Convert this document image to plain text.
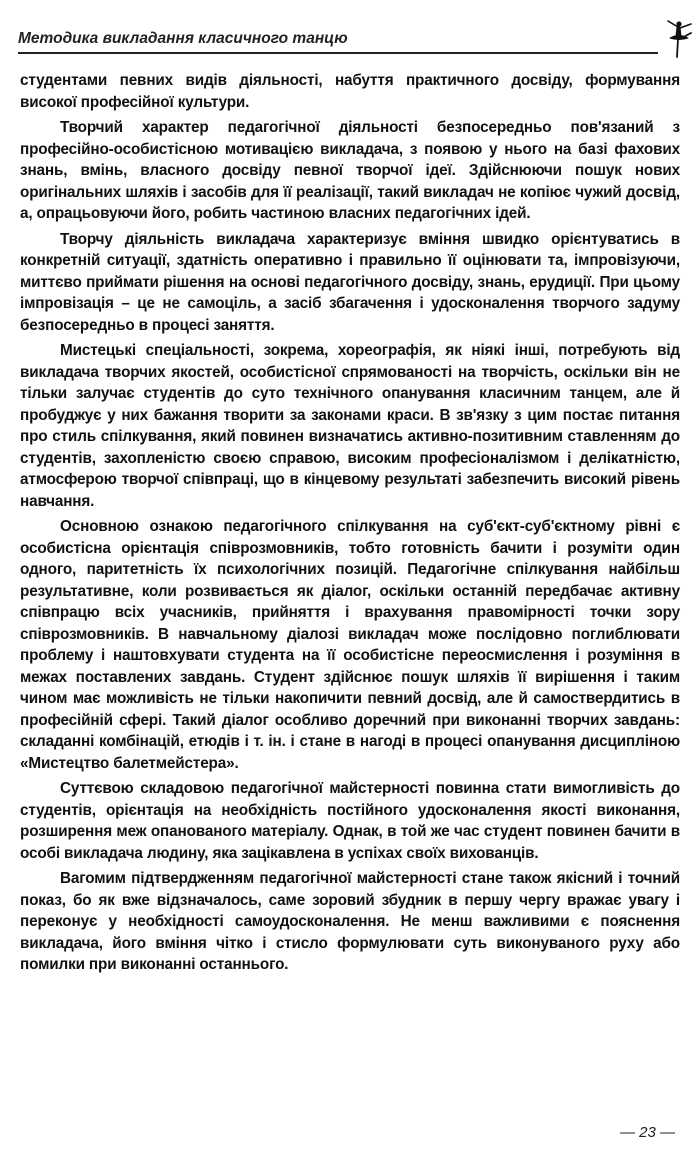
Методика викладання класичного танцю

студентами певних видів діяльності, набуття практичного досвіду, формування високої професійної культури.

Творчий характер педагогічної діяльності безпосередньо пов'язаний з професійно-особистісною мотивацією викладача, з появою у нього на базі фахових знань, вмінь, власного досвіду певної творчої ідеї. Здійснюючи пошук нових оригінальних шляхів і засобів для її реалізації, такий викладач не копіює чужий досвід, а, опрацьовуючи його, робить частиною власних педагогічних ідей.

Творчу діяльність викладача характеризує вміння швидко орієнтуватись в конкретній ситуації, здатність оперативно і правильно її оцінювати та, імпровізуючи, миттєво приймати рішення на основі педагогічного досвіду, знань, ерудиції. При цьому імпровізація – це не самоціль, а засіб збагачення і удосконалення творчого задуму безпосередньо в процесі заняття.

Мистецькі спеціальності, зокрема, хореографія, як ніякі інші, потребують від викладача творчих якостей, особистісної спрямованості на творчість, оскільки він не тільки залучає студентів до суто технічного опанування класичним танцем, але й пробуджує у них бажання творити за законами краси. В зв'язку з цим постає питання про стиль спілкування, який повинен визначатись активно-позитивним ставленням до студентів, захопленістю своєю справою, високим професіоналізмом і делікатністю, атмосферою творчої співпраці, що в кінцевому результаті забезпечить високий рівень навчання.

Основною ознакою педагогічного спілкування на суб'єкт-суб'єктному рівні є особистісна орієнтація співрозмовників, тобто готовність бачити і розуміти один одного, паритетність їх психологічних позицій. Педагогічне спілкування найбільш результативне, коли розвивається як діалог, оскільки останній передбачає активну співпрацю всіх учасників, прийняття і врахування правомірності точки зору співрозмовників. В навчальному діалозі викладач може послідовно поглиблювати проблему і наштовхувати студента на її особистісне переосмислення і розуміння в межах поставлених завдань. Студент здійснює пошук шляхів її вирішення і таким чином має можливість не тільки накопичити певний досвід, але й самоствердитись в професійній сфері. Такий діалог особливо доречний при виконанні творчих завдань: складанні комбінацій, етюдів і т. ін. і стане в нагоді в процесі опанування дисципліною «Мистецтво балетмейстера».

Суттєвою складовою педагогічної майстерності повинна стати вимогливість до студентів, орієнтація на необхідність постійного удосконалення якості виконання, розширення меж опанованого матеріалу. Однак, в той же час студент повинен бачити в особі викладача людину, яка зацікавлена в успіхах своїх вихованців.

Вагомим підтвердженням педагогічної майстерності стане також якісний і точний показ, бо як вже відзначалось, саме зоровий збудник в першу чергу вражає увагу і переконує у необхідності самоудосконалення. Не менш важливими є пояснення викладача, його вміння чітко і стисло формулювати суть виконуваного руху або помилки при виконанні останнього.

— 23 —
